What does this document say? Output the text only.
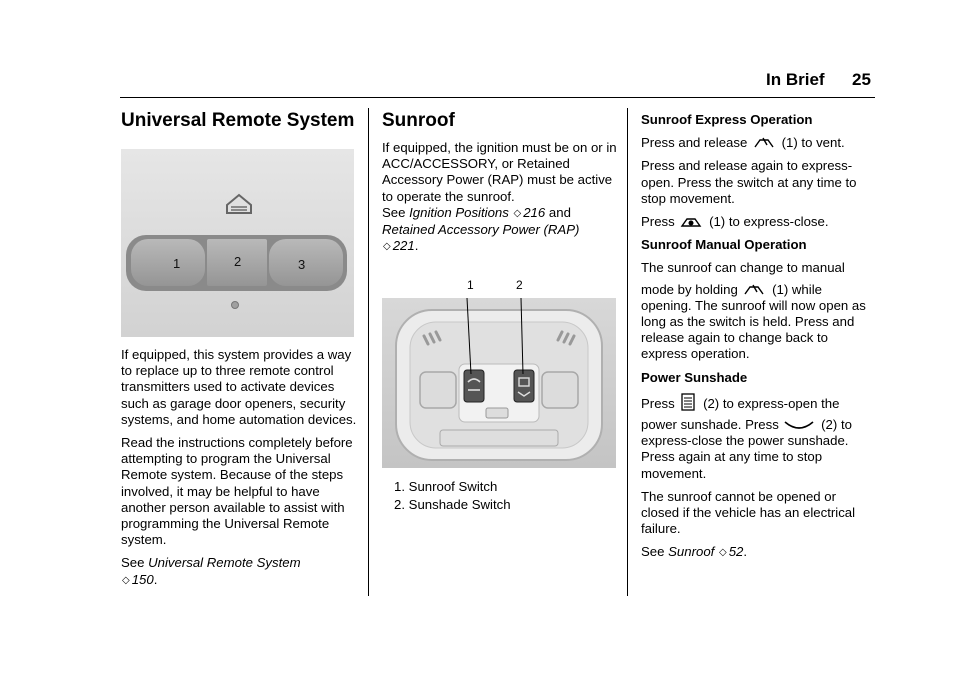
In Brief 25
Universal Remote System
1	2	3

If equipped, this system provides a way to replace up to three remote control transmitters used to activate devices such as garage door openers, security systems, and home automation devices.

Read the instructions completely before attempting to program the Universal Remote system. Because of the steps involved, it may be helpful to have another person available to assist with programming the Universal Remote system.

See Universal Remote System
◇ 150.

Sunroof

If equipped, the ignition must be on or in ACC/ACCESSORY, or Retained Accessory Power (RAP) must be active to operate the sunroof.

See Ignition Positions ◇ 216 and
Retained Accessory Power (RAP)
◇ 221.

1	2
1. Sunroof Switch
2. Sunshade Switch

Sunroof Express Operation

Press and release	(1) to vent.

Press and release again to express-open. Press the switch at any time to stop movement.

Press	(1) to express-close.

Sunroof Manual Operation

The sunroof can change to manual

mode by holding	(1) while

opening. The sunroof will now open as long as the switch is held. Press and release again to change back to express operation.

Power Sunshade

Press (2) to express-open the

power sunshade. Press	(2) to

express-close the power sunshade. Press again at any time to stop movement.

The sunroof cannot be opened or closed if the vehicle has an electrical failure.

See Sunroof ◇ 52.
